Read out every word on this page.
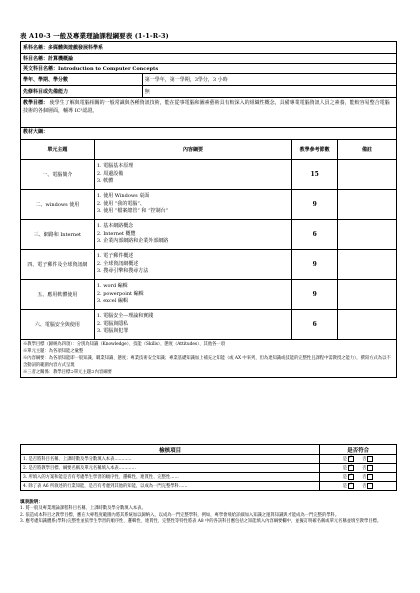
表 A10-3 一般及專業理論課程綱要表 (1-1-R-3)
系科名稱：多媒體與遊戲發展科學系				
科目名稱：計算機概論				
英文科目名稱：Introduction to Computer Concepts				
學年、學期、學分數		第一學年，第一學期，3學分，3 小時		
先修科目或先備能力		無		
教學目標： 使學生了解與電腦相關的一般常識與各種資訊技術，能在從事電腦和圖素藝術具有較深入的組織性概念，具備專業電腦資訊人員之素養，能較容易整合電腦技術的各個層面，輔導 IC³認證。				
教材大綱：				
單元主題	內容綱要		教學參考節數	備註
一、電腦簡介	1. 電腦基本原理
2. 周邊設備
3. 軟體		15	
二、windows 使用	1. 使用 Windows 桌面
2. 使用 “我的電腦”、
3. 使用 “檔案總管” 和 “控制台”		9	
三、網路和 Internet	1. 基本網路概念
2. Internet 概覽
3. 企業內部網路和企業外部網路		6	
四、電子郵件及全球資訊網	1. 電子郵件概述
2. 全球資訊網概述
3. 搜尋引擎和搜尋方法		9	
五、應用軟體使用	1. word 編輯
2. powerpoint 編輯
3. excel 編輯		9	
六、電腦安全與使用	1. 電腦安全—理論和實踐
2. 電腦與隱私
3. 電腦與犯罪		6	

※教學目標（歸納為四項）：分別為知識（Knowledge）、技能（Skills）、態度（Attitudes）、其他各一項
※單元主題：為各項知能之彙整
※內容綱要：為各項知能即一般知識、職業知識、態度；專業技術安全知識；專業基礎知識加上補充之知能（或 AX 中來列，但為達知識或技能的完整性且課程中需教授之能力），撰寫方式為以不含動詞的範圍內容方式呈現
※三者之關係：教學目標⊃單元主題⊃內容綱要				
檢核項目	是否符合
1. 是否將科目名稱、上課時數及學分數填入本表…………	是 ✓ 否
2. 是否將教學目標、綱要名稱及單元名稱填入本表…………	是 ✓ 否
3. 所填入的方案和能是否有考慮學生學習的順序性、邏輯性、連貫性、完整性……	是 ✓ 否
4. 除了表 A6 所敘述的行業知能，是否有考慮到其他的知能，以成為一門完整學科……	是 ✓ 否
填表說明：
1. 將一般及專業理論課程科目名稱、上課時數及學分數填入本表。
2. 依造成本科目之教學目標，應在大專程度範圍內將其系統加以歸納入，以成為一門完整學科，例如，專學會飛給詳細加入知識之運算知識與才能成為一門完整的學科。
3. 應考慮知識體系(學科)完整性並依學生學習的順序性、邏輯性、連貫性、完整性等特性將表 A8 中的各該科目應包括之知能填入內容綱要欄中，並擬訂明確名稱或單元名稱並填至教學目標。
